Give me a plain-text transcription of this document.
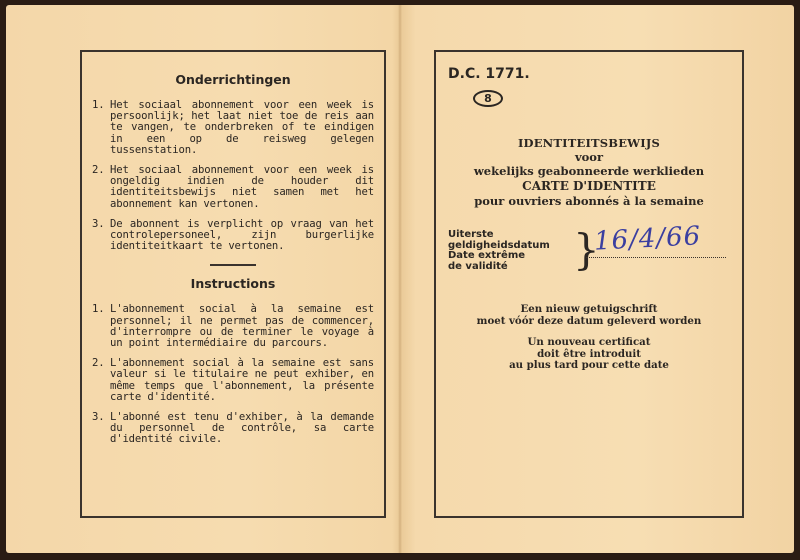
Onderrichtingen
1. Het sociaal abonnement voor een week is persoonlijk; het laat niet toe de reis aan te vangen, te onderbreken of te eindigen in een op de reisweg gelegen tussenstation.
2. Het sociaal abonnement voor een week is ongeldig indien de houder dit identiteitsbewijs niet samen met het abonnement kan vertonen.
3. De abonnent is verplicht op vraag van het controlepersoneel, zijn burgerlijke identiteitkaart te vertonen.
Instructions
1. L'abonnement social à la semaine est personnel; il ne permet pas de commencer, d'interrompre ou de terminer le voyage à un point intermédiaire du parcours.
2. L'abonnement social à la semaine est sans valeur si le titulaire ne peut exhiber, en même temps que l'abonnement, la présente carte d'identité.
3. L'abonné est tenu d'exhiber, à la demande du personnel de contrôle, sa carte d'identité civile.
D.C. 1771.
8
IDENTITEITSBEWIJS
voor
wekelijks geabonneerde werklieden
CARTE D'IDENTITE
pour ouvriers abonnés à la semaine
Uiterste
geldigheidsdatum
Date extrême
de validité	}
16/4/66
Een nieuw getuigschrift
moet vóór deze datum geleverd worden
Un nouveau certificat
doit être introduit
au plus tard pour cette date
